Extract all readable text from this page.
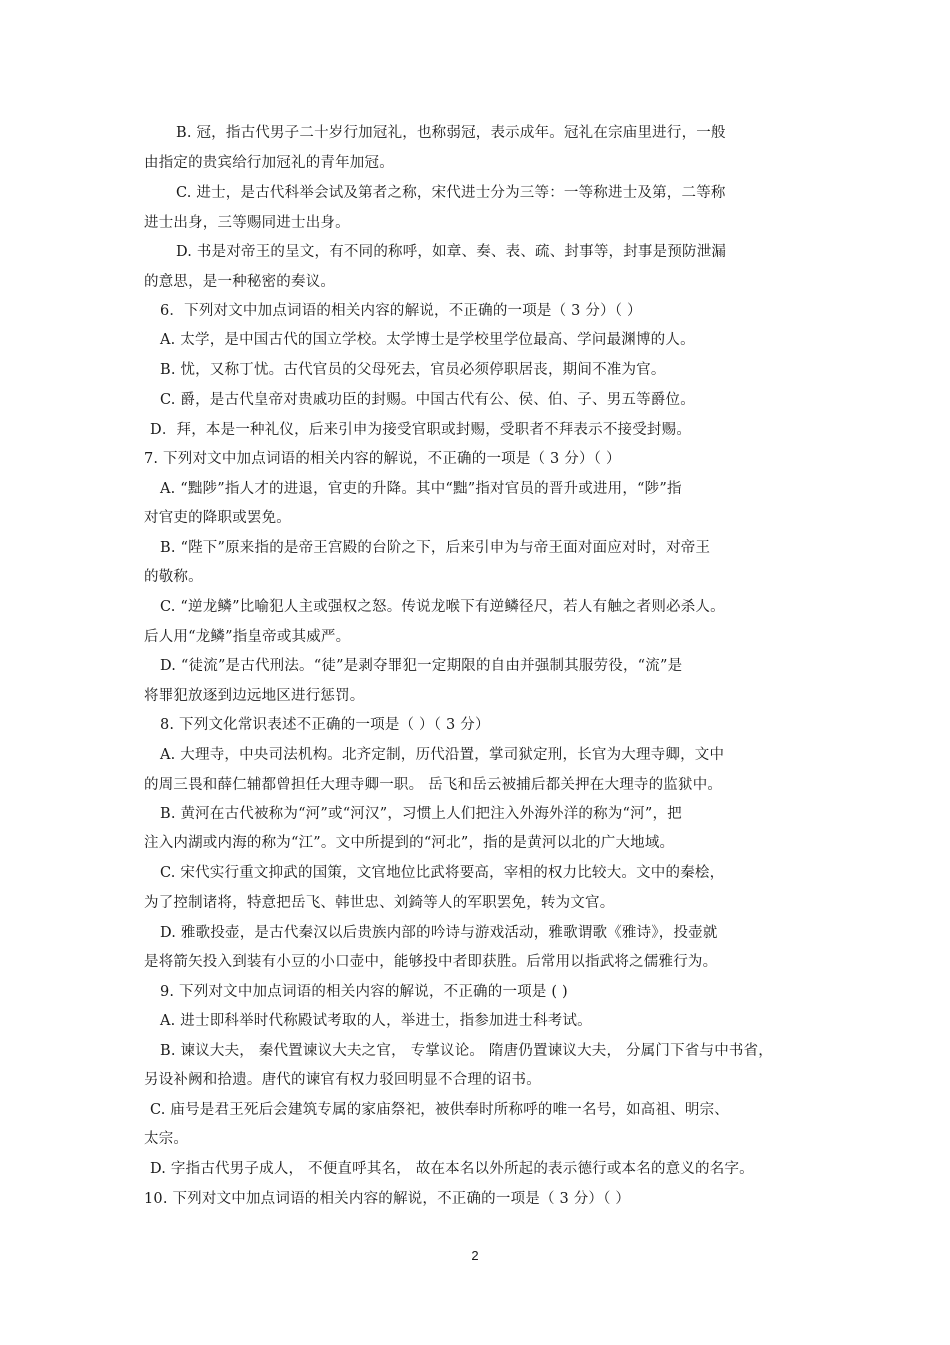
B. 冠，指古代男子二十岁行加冠礼，也称弱冠，表示成年。冠礼在宗庙里进行，一般
由指定的贵宾给行加冠礼的青年加冠。
C. 进士，是古代科举会试及第者之称，宋代进士分为三等：一等称进士及第，二等称
进士出身，三等赐同进士出身。
D. 书是对帝王的呈文，有不同的称呼，如章、奏、表、疏、封事等，封事是预防泄漏
的意思，是一种秘密的奏议。
6．下列对文中加点词语的相关内容的解说，不正确的一项是（ 3 分）（ ）
A. 太学，是中国古代的国立学校。太学博士是学校里学位最高、学问最渊博的人。
B. 忧，又称丁忧。古代官员的父母死去，官员必须停职居丧，期间不准为官。
C. 爵，是古代皇帝对贵戚功臣的封赐。中国古代有公、侯、伯、子、男五等爵位。
D．拜，本是一种礼仪，后来引申为接受官职或封赐，受职者不拜表示不接受封赐。
7. 下列对文中加点词语的相关内容的解说，不正确的一项是（ 3 分）（ ）
A. “黜陟”指人才的进退，官吏的升降。其中“黜”指对官员的晋升或进用，“陟”指
对官吏的降职或罢免。
B. “陛下”原来指的是帝王宫殿的台阶之下，后来引申为与帝王面对面应对时，对帝王
的敬称。
C. “逆龙鳞”比喻犯人主或强权之怒。传说龙喉下有逆鳞径尺，若人有触之者则必杀人。
后人用“龙鳞”指皇帝或其威严。
D. “徒流”是古代刑法。“徒”是剥夺罪犯一定期限的自由并强制其服劳役，“流”是
将罪犯放逐到边远地区进行惩罚。
8. 下列文化常识表述不正确的一项是（ ）（ 3 分）
A. 大理寺，中央司法机构。北齐定制，历代沿置，掌司狱定刑，长官为大理寺卿，文中
的周三畏和薛仁辅都曾担任大理寺卿一职。 岳飞和岳云被捕后都关押在大理寺的监狱中。
B. 黄河在古代被称为“河”或“河汉”，习惯上人们把注入外海外洋的称为“河”，把
注入内湖或内海的称为“江”。文中所提到的“河北”，指的是黄河以北的广大地域。
C. 宋代实行重文抑武的国策，文官地位比武将要高，宰相的权力比较大。文中的秦桧，
为了控制诸将，特意把岳飞、韩世忠、刘錡等人的军职罢免，转为文官。
D. 雅歌投壶，是古代秦汉以后贵族内部的吟诗与游戏活动，雅歌谓歌《雅诗》，投壶就
是将箭矢投入到装有小豆的小口壶中，能够投中者即获胜。后常用以指武将之儒雅行为。
9. 下列对文中加点词语的相关内容的解说，不正确的一项是 ( )
A. 进士即科举时代称殿试考取的人，举进士，指参加进士科考试。
B. 谏议大夫， 秦代置谏议大夫之官， 专掌议论。 隋唐仍置谏议大夫， 分属门下省与中书省，
另设补阙和拾遗。唐代的谏官有权力驳回明显不合理的诏书。
C. 庙号是君王死后会建筑专属的家庙祭祀，被供奉时所称呼的唯一名号，如高祖、明宗、
太宗。
D. 字指古代男子成人， 不便直呼其名， 故在本名以外所起的表示德行或本名的意义的名字。
10. 下列对文中加点词语的相关内容的解说，不正确的一项是（ 3 分）（ ）
2
